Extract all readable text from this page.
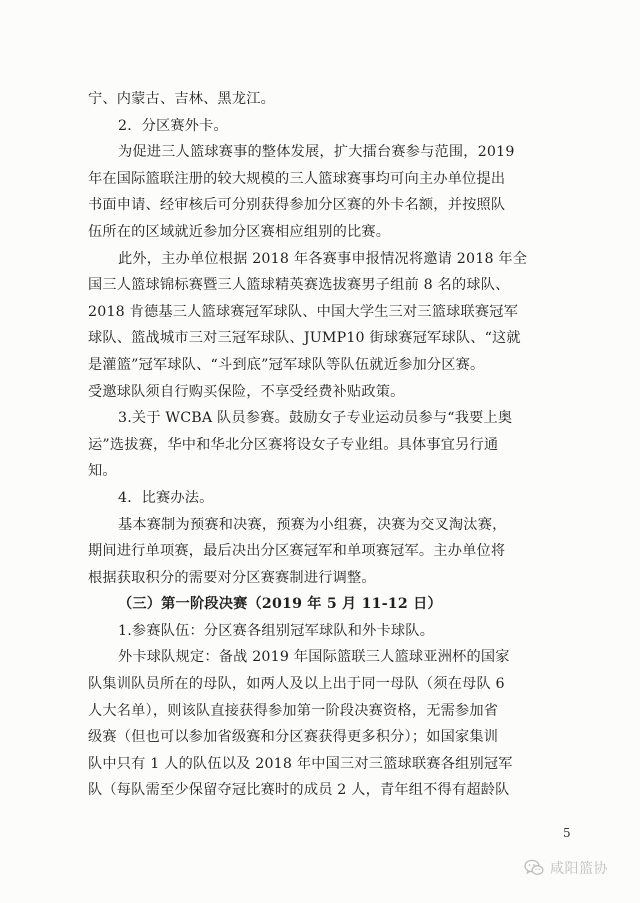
宁、内蒙古、吉林、黑龙江。
2．分区赛外卡。
为促进三人篮球赛事的整体发展，扩大擂台赛参与范围，2019
年在国际篮联注册的较大规模的三人篮球赛事均可向主办单位提出
书面申请、经审核后可分别获得参加分区赛的外卡名额，并按照队
伍所在的区域就近参加分区赛相应组别的比赛。
此外，主办单位根据 2018 年各赛事申报情况将邀请 2018 年全
国三人篮球锦标赛暨三人篮球精英赛选拔赛男子组前 8 名的球队、
2018 肯德基三人篮球赛冠军球队、中国大学生三对三篮球联赛冠军
球队、篮战城市三对三冠军球队、JUMP10 街球赛冠军球队、“这就
是灌篮”冠军球队、“斗到底”冠军球队等队伍就近参加分区赛。
受邀球队须自行购买保险，不享受经费补贴政策。
3.关于 WCBA 队员参赛。鼓励女子专业运动员参与“我要上奥
运”选拔赛，华中和华北分区赛将设女子专业组。具体事宜另行通
知。
4．比赛办法。
基本赛制为预赛和决赛，预赛为小组赛，决赛为交叉淘汰赛，
期间进行单项赛，最后决出分区赛冠军和单项赛冠军。主办单位将
根据获取积分的需要对分区赛赛制进行调整。
（三）第一阶段决赛（2019 年 5 月 11-12 日）
1.参赛队伍：分区赛各组别冠军球队和外卡球队。
外卡球队规定：备战 2019 年国际篮联三人篮球亚洲杯的国家
队集训队员所在的母队，如两人及以上出于同一母队（须在母队 6
人大名单），则该队直接获得参加第一阶段决赛资格，无需参加省
级赛（但也可以参加省级赛和分区赛获得更多积分）；如国家集训
队中只有 1 人的队伍以及 2018 年中国三对三篮球联赛各组别冠军
队（每队需至少保留夺冠比赛时的成员 2 人，青年组不得有超龄队
5
咸阳篮协
